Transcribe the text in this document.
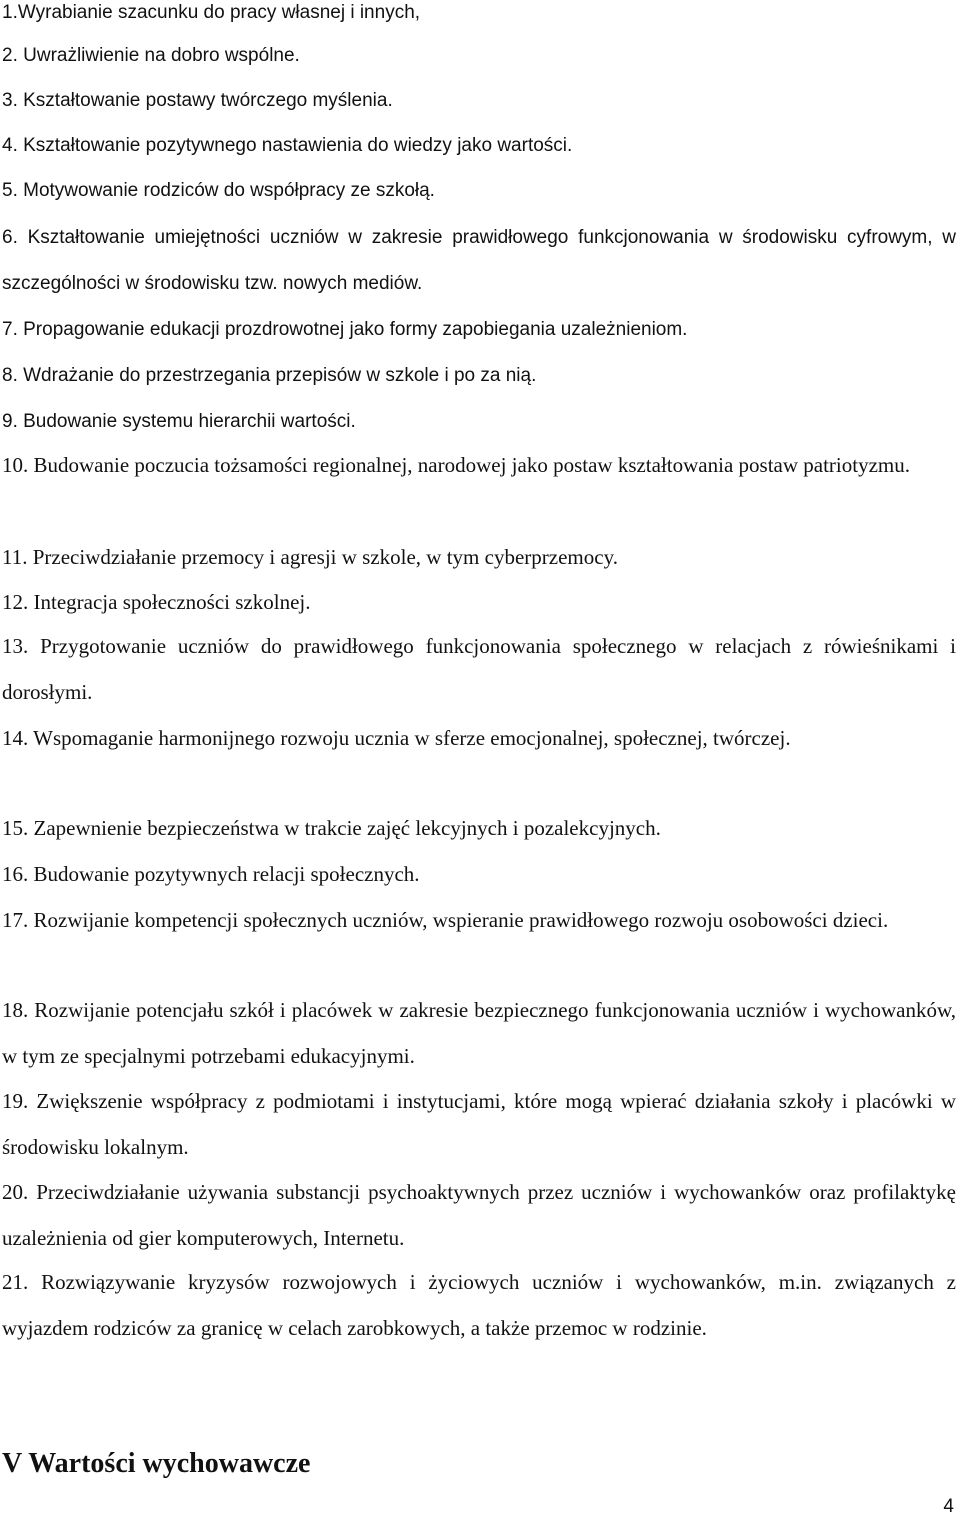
1.Wyrabianie szacunku do pracy własnej i innych,

2. Uwrażliwienie na dobro wspólne.

3. Kształtowanie postawy twórczego myślenia.

4. Kształtowanie pozytywnego nastawienia do wiedzy jako wartości.

5. Motywowanie rodziców do współpracy ze szkołą.

6. Kształtowanie umiejętności uczniów w zakresie prawidłowego funkcjonowania w środowisku cyfrowym, w szczególności w środowisku tzw. nowych mediów.

7. Propagowanie edukacji prozdrowotnej jako formy zapobiegania uzależnieniom.

8. Wdrażanie do przestrzegania przepisów w szkole i po za nią.

9. Budowanie systemu hierarchii wartości.

10. Budowanie poczucia tożsamości regionalnej, narodowej jako postaw kształtowania postaw patriotyzmu.

11. Przeciwdziałanie przemocy i agresji w szkole, w tym cyberprzemocy.

12. Integracja społeczności szkolnej.

13. Przygotowanie uczniów do prawidłowego funkcjonowania społecznego w relacjach z rówieśnikami i dorosłymi.

14. Wspomaganie harmonijnego rozwoju ucznia w sferze emocjonalnej, społecznej, twórczej.

15. Zapewnienie bezpieczeństwa w trakcie zajęć lekcyjnych i pozalekcyjnych.

16. Budowanie pozytywnych relacji społecznych.

17. Rozwijanie kompetencji społecznych uczniów, wspieranie prawidłowego rozwoju osobowości dzieci.

18. Rozwijanie potencjału szkół i placówek w zakresie bezpiecznego funkcjonowania uczniów i wychowanków, w tym ze specjalnymi potrzebami edukacyjnymi.

19. Zwiększenie współpracy z podmiotami i instytucjami, które mogą wpierać działania szkoły i placówki w środowisku lokalnym.

20. Przeciwdziałanie używania substancji psychoaktywnych przez uczniów i wychowanków oraz profilaktykę uzależnienia od gier komputerowych, Internetu.

21. Rozwiązywanie kryzysów rozwojowych i życiowych uczniów i wychowanków, m.in. związanych z wyjazdem rodziców za granicę w celach zarobkowych, a także przemoc w rodzinie.

V Wartości wychowawcze
4
